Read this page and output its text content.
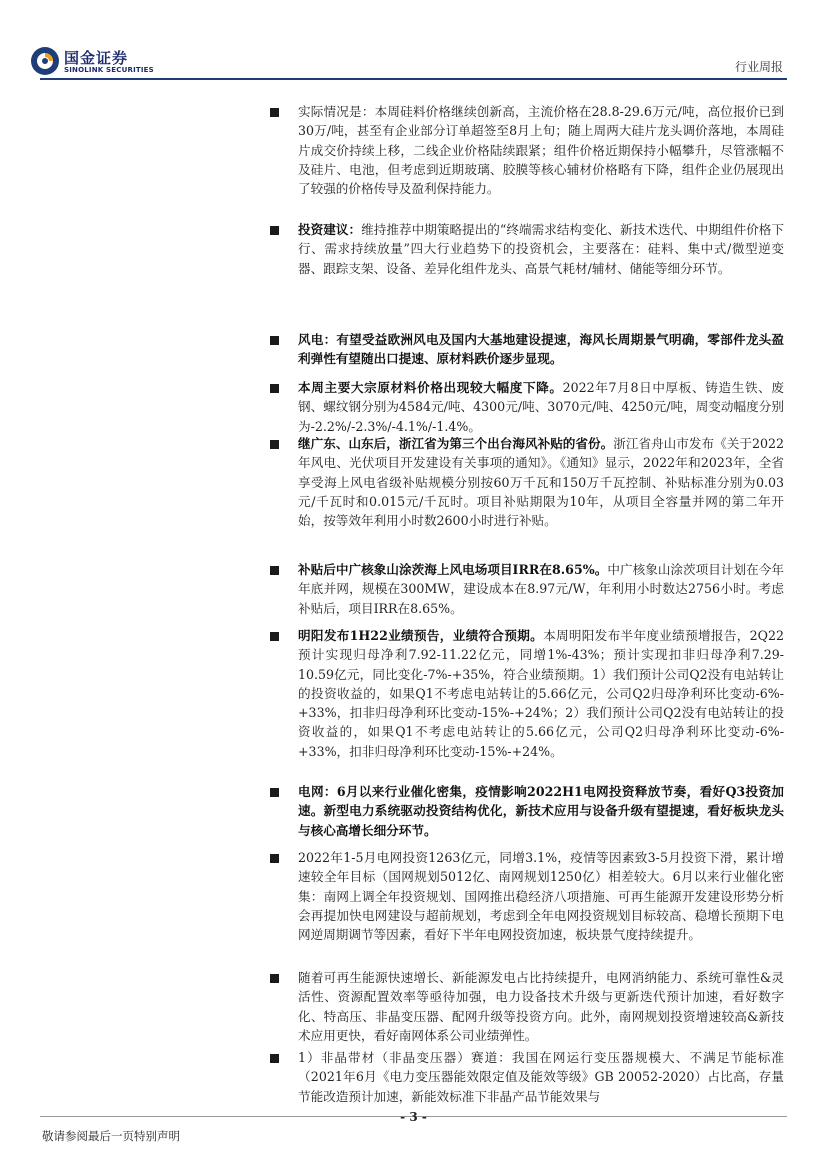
国金证券
SINOLINK SECURITIES	行业周报
实际情况是：本周硅料价格继续创新高，主流价格在28.8-29.6万元/吨，高位报价已到30万/吨，甚至有企业部分订单超签至8月上旬；随上周两大硅片龙头调价落地，本周硅片成交价持续上移，二线企业价格陆续跟紧；组件价格近期保持小幅攀升，尽管涨幅不及硅片、电池，但考虑到近期玻璃、胶膜等核心辅材价格略有下降，组件企业仍展现出了较强的价格传导及盈利保持能力。
投资建议：维持推荐中期策略提出的“终端需求结构变化、新技术迭代、中期组件价格下行、需求持续放量”四大行业趋势下的投资机会，主要落在：硅料、集中式/微型逆变器、跟踪支架、设备、差异化组件龙头、高景气耗材/辅材、储能等细分环节。
风电：有望受益欧洲风电及国内大基地建设提速，海风长周期景气明确，零部件龙头盈利弹性有望随出口提速、原材料跌价逐步显现。
本周主要大宗原材料价格出现较大幅度下降。2022年7月8日中厚板、铸造生铁、废钢、螺纹钢分别为4584元/吨、4300元/吨、3070元/吨、4250元/吨，周变动幅度分别为-2.2%/-2.3%/-4.1%/-1.4%。
继广东、山东后，浙江省为第三个出台海风补贴的省份。浙江省舟山市发布《关于2022年风电、光伏项目开发建设有关事项的通知》。《通知》显示，2022年和2023年，全省享受海上风电省级补贴规模分别按60万千瓦和150万千瓦控制、补贴标准分别为0.03元/千瓦时和0.015元/千瓦时。项目补贴期限为10年，从项目全容量并网的第二年开始，按等效年利用小时数2600小时进行补贴。
补贴后中广核象山涂茨海上风电场项目IRR在8.65%。中广核象山涂茨项目计划在今年年底并网，规模在300MW，建设成本在8.97元/W，年利用小时数达2756小时。考虑补贴后，项目IRR在8.65%。
明阳发布1H22业绩预告，业绩符合预期。本周明阳发布半年度业绩预增报告，2Q22预计实现归母净利7.92-11.22亿元，同增1%-43%；预计实现扣非归母净利7.29-10.59亿元，同比变化-7%-+35%，符合业绩预期。1）我们预计公司Q2没有电站转让的投资收益的，如果Q1不考虑电站转让的5.66亿元，公司Q2归母净利环比变动-6%-+33%，扣非归母净利环比变动-15%-+24%；2）我们预计公司Q2没有电站转让的投资收益的，如果Q1不考虑电站转让的5.66亿元，公司Q2归母净利环比变动-6%-+33%，扣非归母净利环比变动-15%-+24%。
电网：6月以来行业催化密集，疫情影响2022H1电网投资释放节奏，看好Q3投资加速。新型电力系统驱动投资结构优化，新技术应用与设备升级有望提速，看好板块龙头与核心高增长细分环节。
2022年1-5月电网投资1263亿元，同增3.1%，疫情等因素致3-5月投资下滑，累计增速较全年目标（国网规划5012亿、南网规划1250亿）相差较大。6月以来行业催化密集：南网上调全年投资规划、国网推出稳经济八项措施、可再生能源开发建设形势分析会再提加快电网建设与超前规划，考虑到全年电网投资规划目标较高、稳增长预期下电网逆周期调节等因素，看好下半年电网投资加速，板块景气度持续提升。
随着可再生能源快速增长、新能源发电占比持续提升，电网消纳能力、系统可靠性&灵活性、资源配置效率等亟待加强，电力设备技术升级与更新迭代预计加速，看好数字化、特高压、非晶变压器、配网升级等投资方向。此外，南网规划投资增速较高&新技术应用更快，看好南网体系公司业绩弹性。
1）非晶带材（非晶变压器）赛道：我国在网运行变压器规模大、不满足节能标准（2021年6月《电力变压器能效限定值及能效等级》GB 20052-2020）占比高，存量节能改造预计加速，新能效标准下非晶产品节能效果与
- 3 -
敬请参阅最后一页特别声明
